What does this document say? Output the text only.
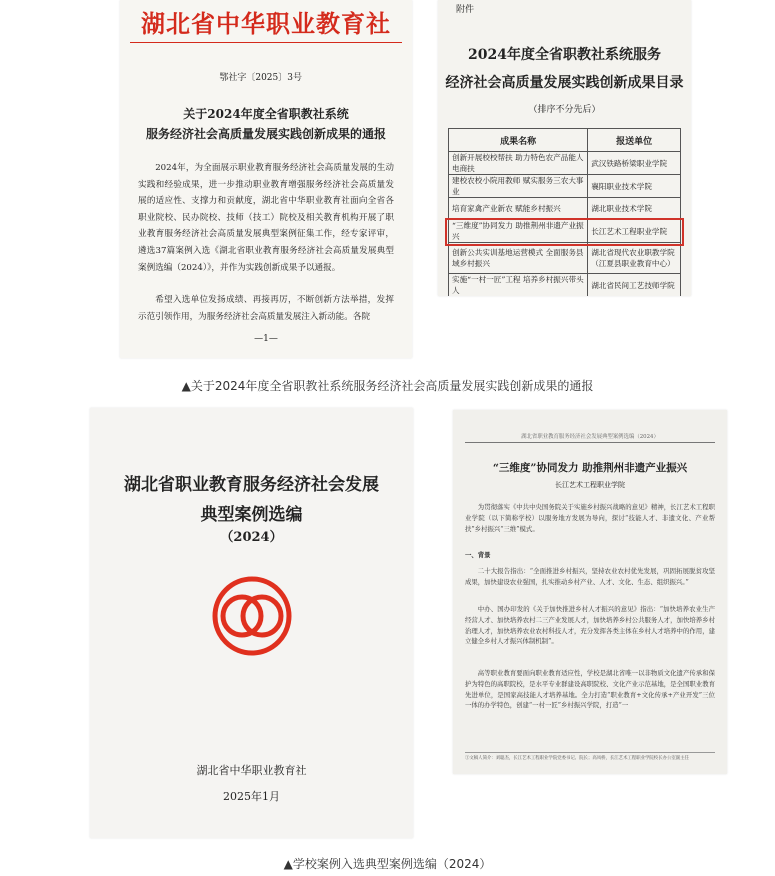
湖北省中华职业教育社
鄂社字〔2025〕3号
关于2024年度全省职教社系统
服务经济社会高质量发展实践创新成果的通报
2024年，为全面展示职业教育服务经济社会高质量发展的生动实践和经验成果，进一步推动职业教育增强服务经济社会高质量发展的适应性、支撑力和贡献度，湖北省中华职业教育社面向全省各职业院校、民办院校、技师（技工）院校及相关教育机构开展了职业教育服务经济社会高质量发展典型案例征集工作，经专家评审，遴选37篇案例入选《湖北省职业教育服务经济社会高质量发展典型案例选编（2024）》，并作为实践创新成果予以通报。
希望入选单位发扬成绩、再接再厉，不断创新方法举措，发挥示范引领作用，为服务经济社会高质量发展注入新动能。各院
—1—
附件
2024年度全省职教社系统服务
经济社会高质量发展实践创新成果目录
（排序不分先后）
成果名称	报送单位
创新开展校校帮扶 助力特色农产品能人电商扶	武汉铁路桥梁职业学院
建校农校小院用教师 赋实服务三农大事业	襄阳职业技术学院
培育家禽产业新农 赋能乡村振兴	湖北职业技术学院
“三维度”协同发力 助推荆州非遗产业振兴	长江艺术工程职业学院
创新公共实训基地运营模式 全面服务县域乡村振兴	湖北省现代农业职教学院（江夏县职业教育中心）
实施“一村一匠”工程 培养乡村振兴带头人	湖北省民间工艺技师学院
▲关于2024年度全省职教社系统服务经济社会高质量发展实践创新成果的通报
湖北省职业教育服务经济社会发展
典型案例选编
（2024）
湖北省中华职业教育社
2025年1月
湖北省职业教育服务经济社会发展典型案例选编（2024）
“三维度”协同发力 助推荆州非遗产业振兴
长江艺术工程职业学院
为贯彻落实《中共中央国务院关于实施乡村振兴战略的意见》精神，长江艺术工程职业学院（以下简称学校）以服务地方发展为导向，探讨“技能人才、非遗文化、产业帮扶”乡村振兴“三维”模式。
一、背景
二十大报告指出：“全面推进乡村振兴，坚持农业农村优先发展，巩固拓展脱贫攻坚成果，加快建设农业强国，扎实推动乡村产业、人才、文化、生态、组织振兴。”
中办、国办印发的《关于加快推进乡村人才振兴的意见》指出：“加快培养农业生产经营人才、加快培养农村二三产业发展人才，加快培养乡村公共服务人才，加快培养乡村治理人才，加快培养农业农村科技人才，充分发挥各类主体在乡村人才培养中的作用，建立健全乡村人才振兴体制机制”。
高等职业教育要面向职业教育适应性，学校是湖北省唯一以非物质文化遗产传承和保护为特色的高职院校，是水平专业群建设高职院校、文化产业示范基地，是全国职业教育先进单位，是国家高技能人才培养基地。全力打造“职业教育+文化传承+产业开发”三位一体的办学特色，创建“一村一匠”乡村振兴学院，打造“一
①文稿人简介：刘聪杰，长江艺术工程职业学院党委书记、院长；高凤桥，长江艺术工程职业学院校长办公室副主任
▲学校案例入选典型案例选编（2024）
